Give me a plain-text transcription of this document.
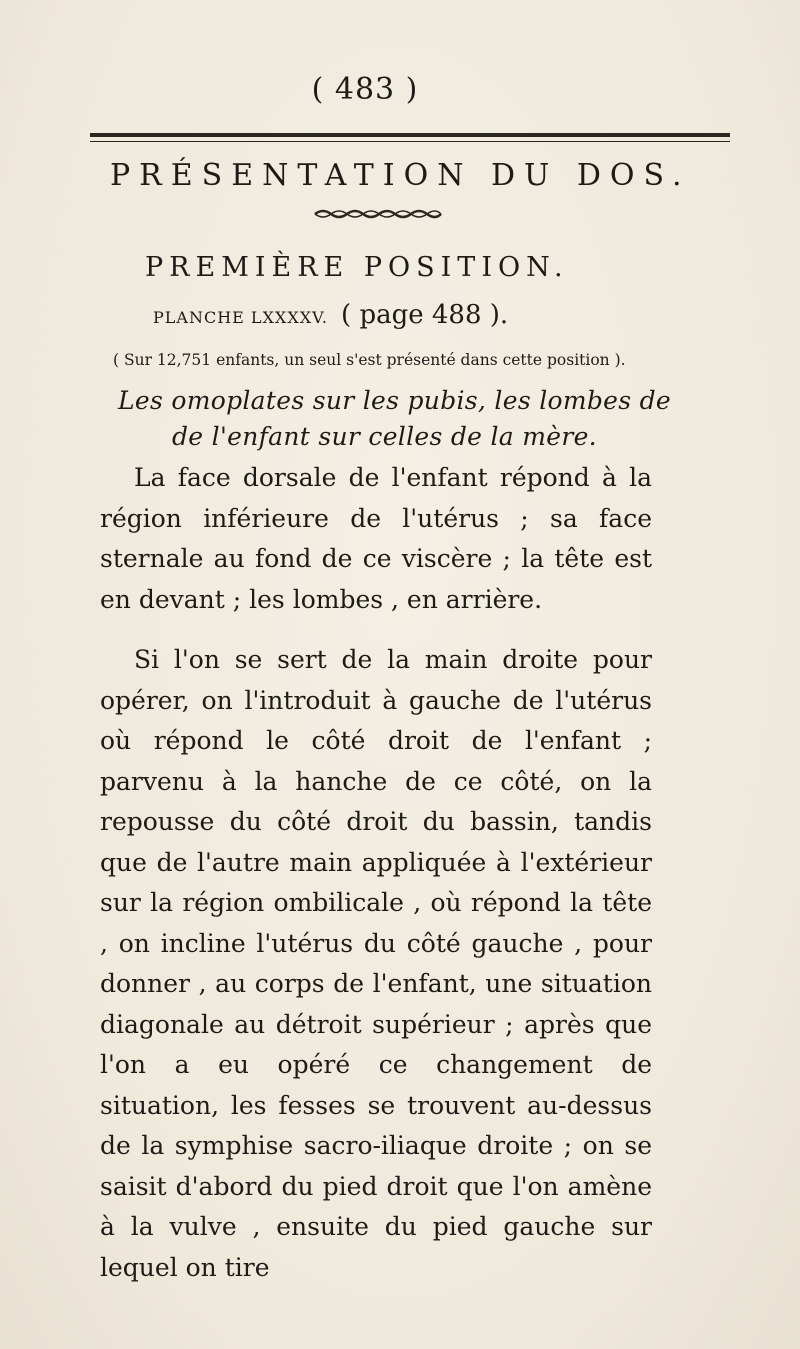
( 483 )
PRÉSENTATION DU DOS.
PREMIÈRE POSITION.
PLANCHE LXXXXV. ( page 488 ).
( Sur 12,751 enfants, un seul s'est présenté dans cette position ).
Les omoplates sur les pubis, les lombes de
de l'enfant sur celles de la mère.
La face dorsale de l'enfant répond à la région inférieure de l'utérus ; sa face sternale au fond de ce viscère ; la tête est en devant ; les lombes , en arrière.
Si l'on se sert de la main droite pour opérer, on l'introduit à gauche de l'utérus où répond le côté droit de l'enfant ; parvenu à la hanche de ce côté, on la repousse du côté droit du bassin, tandis que de l'autre main appliquée à l'extérieur sur la région ombilicale , où répond la tête , on incline l'utérus du côté gauche , pour donner , au corps de l'enfant, une situation diagonale au détroit supérieur ; après que l'on a eu opéré ce changement de situation, les fesses se trouvent au-dessus de la symphise sacro-iliaque droite ; on se saisit d'abord du pied droit que l'on amène à la vulve , ensuite du pied gauche sur lequel on tire
